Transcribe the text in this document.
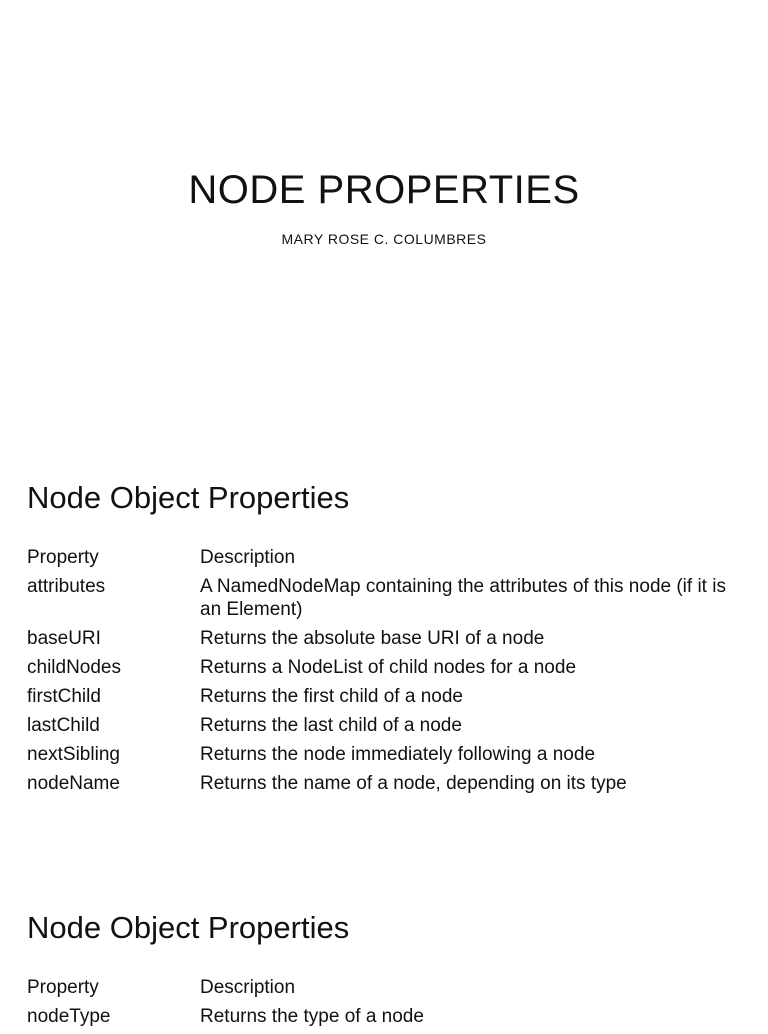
NODE PROPERTIES
MARY ROSE C. COLUMBRES
Node Object Properties
Property	Description
attributes	A NamedNodeMap containing the attributes of this node (if it is an Element)
baseURI	Returns the absolute base URI of a node
childNodes	Returns a NodeList of child nodes for a node
firstChild	Returns the first child of a node
lastChild	Returns the last child of a node
nextSibling	Returns the node immediately following a node
nodeName	Returns the name of a node, depending on its type
Node Object Properties
Property	Description
nodeType	Returns the type of a node
